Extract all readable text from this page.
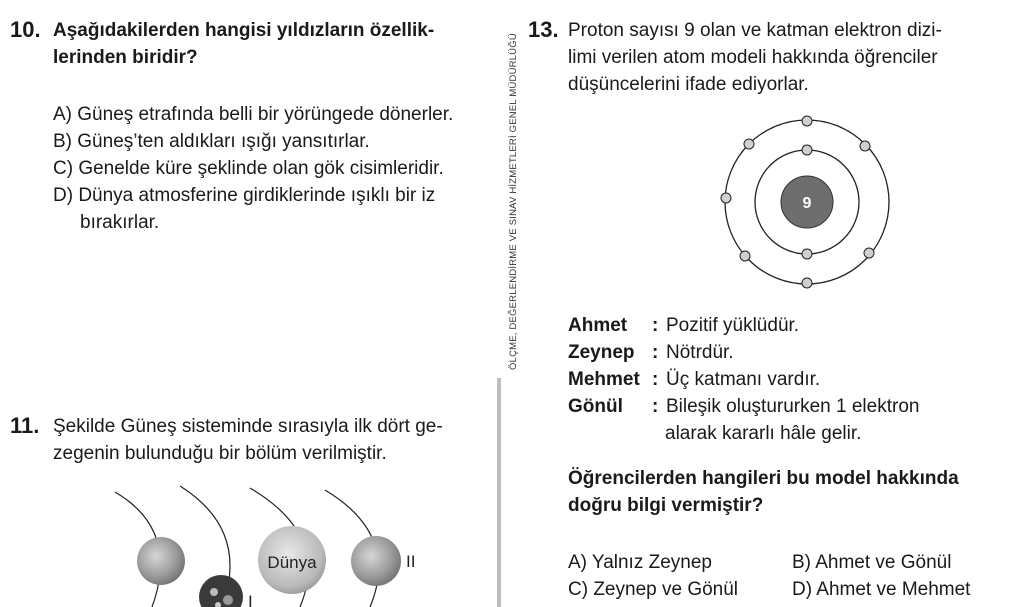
ÖLÇME, DEĞERLENDİRME VE SINAV HİZMETLERİ GENEL MÜDÜRLÜĞÜ
10. Aşağıdakilerden hangisi yıldızların özellik-
lerinden biridir?
A) Güneş etrafında belli bir yörüngede dönerler.
B) Güneş’ten aldıkları ışığı yansıtırlar.
C) Genelde küre şeklinde olan gök cisimleridir.
D) Dünya atmosferine girdiklerinde ışıklı bir iz
bırakırlar.
11. Şekilde Güneş sisteminde sırasıyla ilk dört ge-
zegenin bulunduğu bir bölüm verilmiştir.
Dünya	II
I
13. Proton sayısı 9 olan ve katman elektron dizi-
limi verilen atom modeli hakkında öğrenciler
düşüncelerini ifade ediyorlar.
9
Ahmet : Pozitif yüklüdür.
Zeynep : Nötrdür.
Mehmet : Üç katmanı vardır.
Gönül : Bileşik oluştururken 1 elektron
alarak kararlı hâle gelir.
Öğrencilerden hangileri bu model hakkında
doğru bilgi vermiştir?
A) Yalnız Zeynep	B) Ahmet ve Gönül
C) Zeynep ve Gönül	D) Ahmet ve Mehmet
